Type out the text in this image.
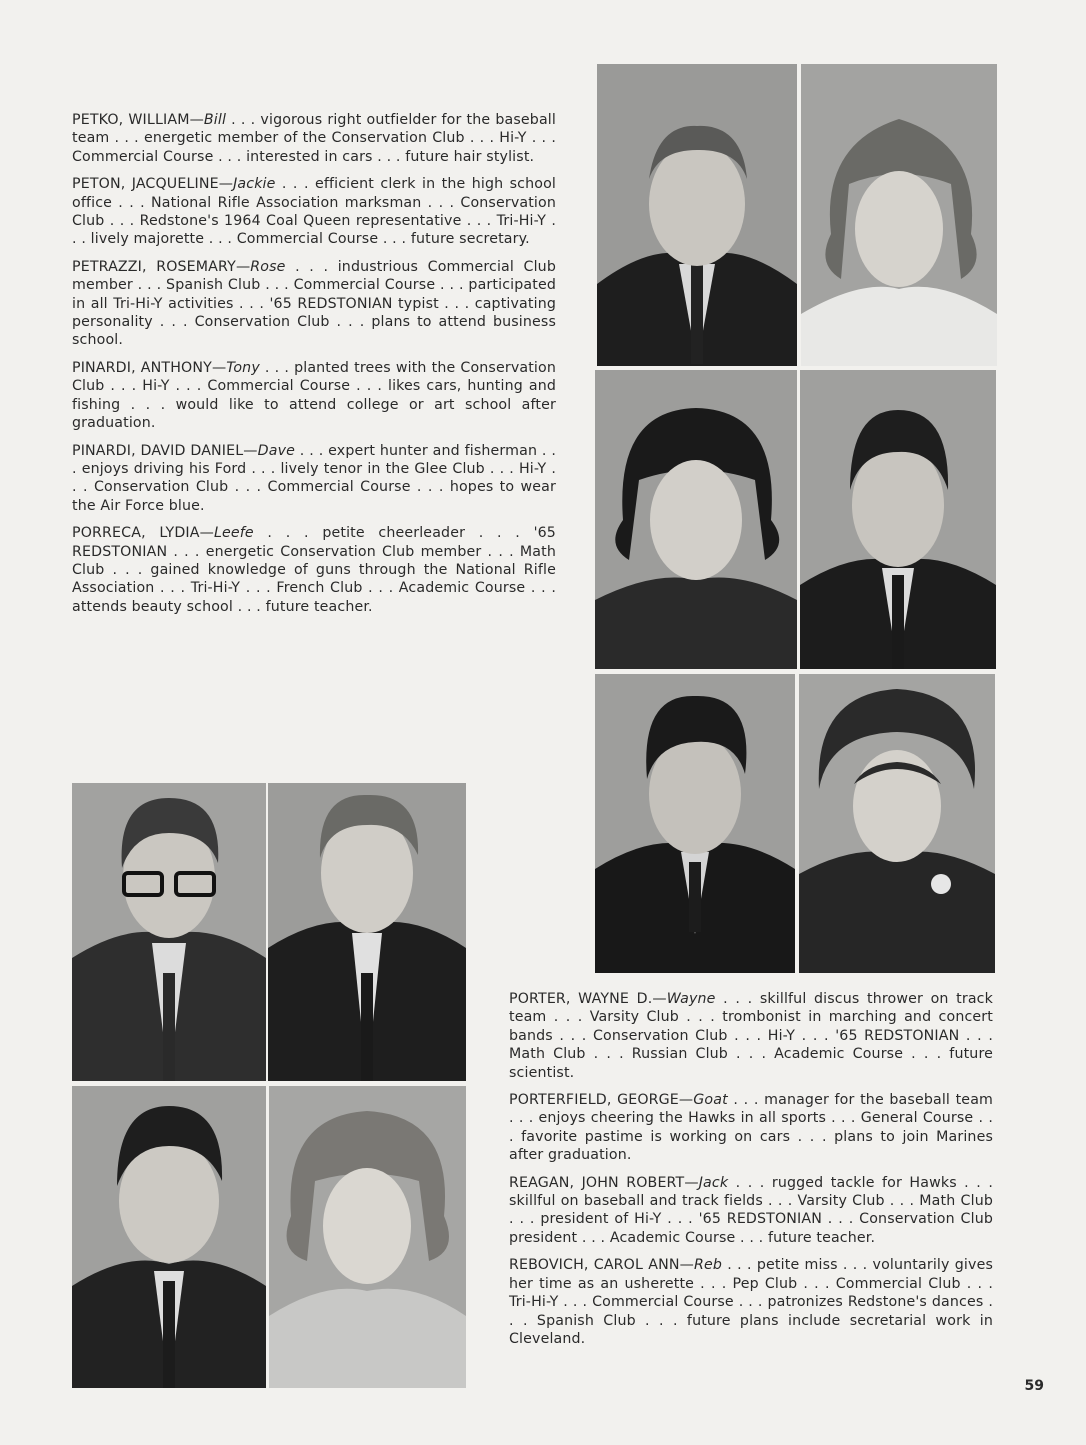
PETKO, WILLIAM—Bill . . . vigorous right outfielder for the baseball team . . . energetic member of the Conservation Club . . . Hi-Y . . . Commercial Course . . . interested in cars . . . future hair stylist.

PETON, JACQUELINE—Jackie . . . efficient clerk in the high school office . . . National Rifle Association marksman . . . Conservation Club . . . Redstone's 1964 Coal Queen representative . . . Tri-Hi-Y . . . lively majorette . . . Commercial Course . . . future secretary.

PETRAZZI, ROSEMARY—Rose . . . industrious Commercial Club member . . . Spanish Club . . . Commercial Course . . . participated in all Tri-Hi-Y activities . . . '65 REDSTONIAN typist . . . captivating personality . . . Conservation Club . . . plans to attend business school.

PINARDI, ANTHONY—Tony . . . planted trees with the Conservation Club . . . Hi-Y . . . Commercial Course . . . likes cars, hunting and fishing . . . would like to attend college or art school after graduation.

PINARDI, DAVID DANIEL—Dave . . . expert hunter and fisherman . . . enjoys driving his Ford . . . lively tenor in the Glee Club . . . Hi-Y . . . Conservation Club . . . Commercial Course . . . hopes to wear the Air Force blue.

PORRECA, LYDIA—Leefe . . . petite cheerleader . . . '65 REDSTONIAN . . . energetic Conservation Club member . . . Math Club . . . gained knowledge of guns through the National Rifle Association . . . Tri-Hi-Y . . . French Club . . . Academic Course . . . attends beauty school . . . future teacher.

PORTER, WAYNE D.—Wayne . . . skillful discus thrower on track team . . . Varsity Club . . . trombonist in marching and concert bands . . . Conservation Club . . . Hi-Y . . . '65 REDSTONIAN . . . Math Club . . . Russian Club . . . Academic Course . . . future scientist.

PORTERFIELD, GEORGE—Goat . . . manager for the baseball team . . . enjoys cheering the Hawks in all sports . . . General Course . . . favorite pastime is working on cars . . . plans to join Marines after graduation.

REAGAN, JOHN ROBERT—Jack . . . rugged tackle for Hawks . . . skillful on baseball and track fields . . . Varsity Club . . . Math Club . . . president of Hi-Y . . . '65 REDSTONIAN . . . Conservation Club president . . . Academic Course . . . future teacher.

REBOVICH, CAROL ANN—Reb . . . petite miss . . . voluntarily gives her time as an usherette . . . Pep Club . . . Commercial Club . . . Tri-Hi-Y . . . Commercial Course . . . patronizes Redstone's dances . . . Spanish Club . . . future plans include secretarial work in Cleveland.

59
